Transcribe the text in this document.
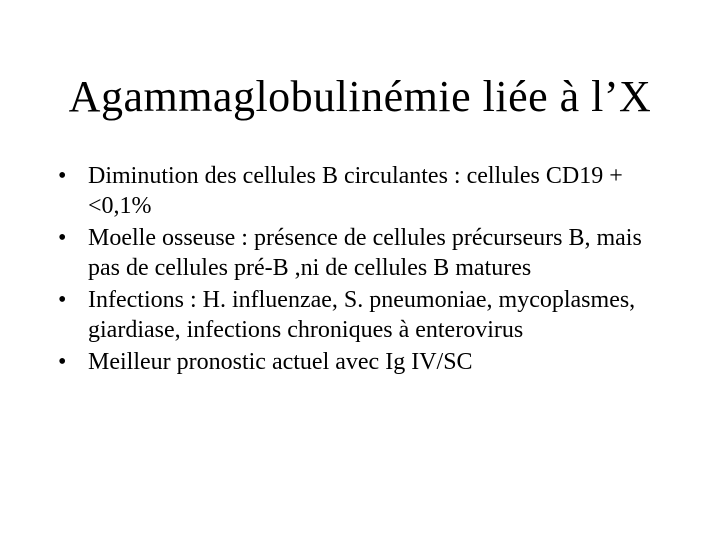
Agammaglobulinémie liée à l’X
• Diminution des cellules B circulantes : cellules CD19 + <0,1%
• Moelle osseuse : présence de cellules précurseurs B, mais pas de cellules pré-B ,ni de cellules B matures
• Infections : H. influenzae, S. pneumoniae, mycoplasmes, giardiase, infections chroniques à enterovirus
• Meilleur pronostic actuel avec Ig IV/SC
